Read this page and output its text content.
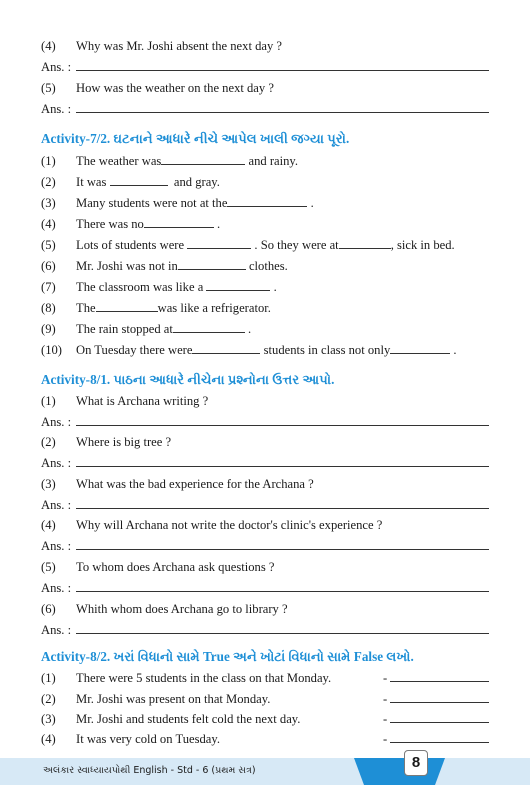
(4) Why was Mr. Joshi absent the next day ?
Ans. :
(5) How was the weather on the next day ?
Ans. :
Activity-7/2. ઘટનાને આધારે નીચે આપેલ ખાલી જગ્યા પૂરો.
(1) The weather was	and rainy.
(2) It was	and gray.
(3) Many students were not at the	.
(4) There was no	.
(5) Lots of students were	. So they were at	, sick in bed.
(6) Mr. Joshi was not in	clothes.
(7) The classroom was like a	.
(8) The	was like a refrigerator.
(9) The rain stopped at	.
(10) On Tuesday there were	students in class not only	.
Activity-8/1. પાઠના આધારે નીચેના પ્રશ્નોના ઉત્તર આપો.
(1) What is Archana writing ?
Ans. :
(2) Where is big tree ?
Ans. :
(3) What was the bad experience for the Archana ?
Ans. :
(4) Why will Archana not write the doctor's clinic's experience ?
Ans. :
(5) To whom does Archana ask questions ?
Ans. :
(6) Whith whom does Archana go to library ?
Ans. :
Activity-8/2. ખરાં વિધાનો સામે True અને ખોટાં વિધાનો સામે False લખો.
(1) There were 5 students in the class on that Monday.	-
(2) Mr. Joshi was present on that Monday.	-
(3) Mr. Joshi and students felt cold the next day.	-
(4) It was very cold on Tuesday.	-
અલંકાર સ્વાધ્યાયપોથી English - Std - 6 (પ્રથમ સત્ર)	8
